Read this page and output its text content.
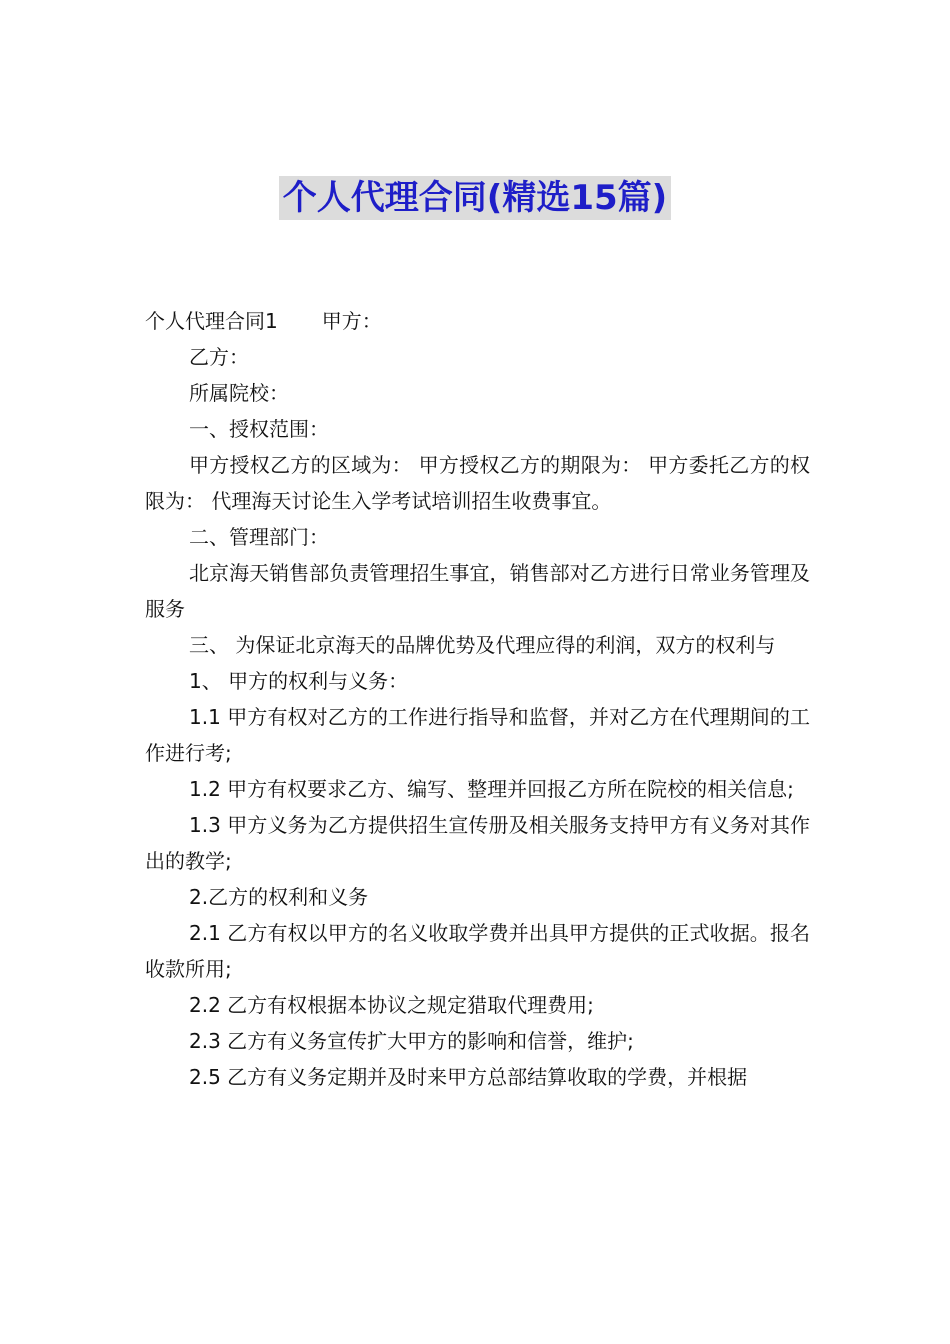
个人代理合同(精选15篇)

个人代理合同1 甲方：

乙方：

所属院校：

一、授权范围：

甲方授权乙方的区域为： 甲方授权乙方的期限为： 甲方委托乙方的权限为： 代理海天讨论生入学考试培训招生收费事宜。

二、管理部门：

北京海天销售部负责管理招生事宜，销售部对乙方进行日常业务管理及服务

三、 为保证北京海天的品牌优势及代理应得的利润，双方的权利与

1、 甲方的权利与义务：

1.1 甲方有权对乙方的工作进行指导和监督，并对乙方在代理期间的工作进行考;

1.2 甲方有权要求乙方、编写、整理并回报乙方所在院校的相关信息;

1.3 甲方义务为乙方提供招生宣传册及相关服务支持甲方有义务对其作出的教学;

2.乙方的权利和义务

2.1 乙方有权以甲方的名义收取学费并出具甲方提供的正式收据。报名收款所用;

2.2 乙方有权根据本协议之规定猎取代理费用;

2.3 乙方有义务宣传扩大甲方的影响和信誉，维护;

2.5 乙方有义务定期并及时来甲方总部结算收取的学费，并根据
